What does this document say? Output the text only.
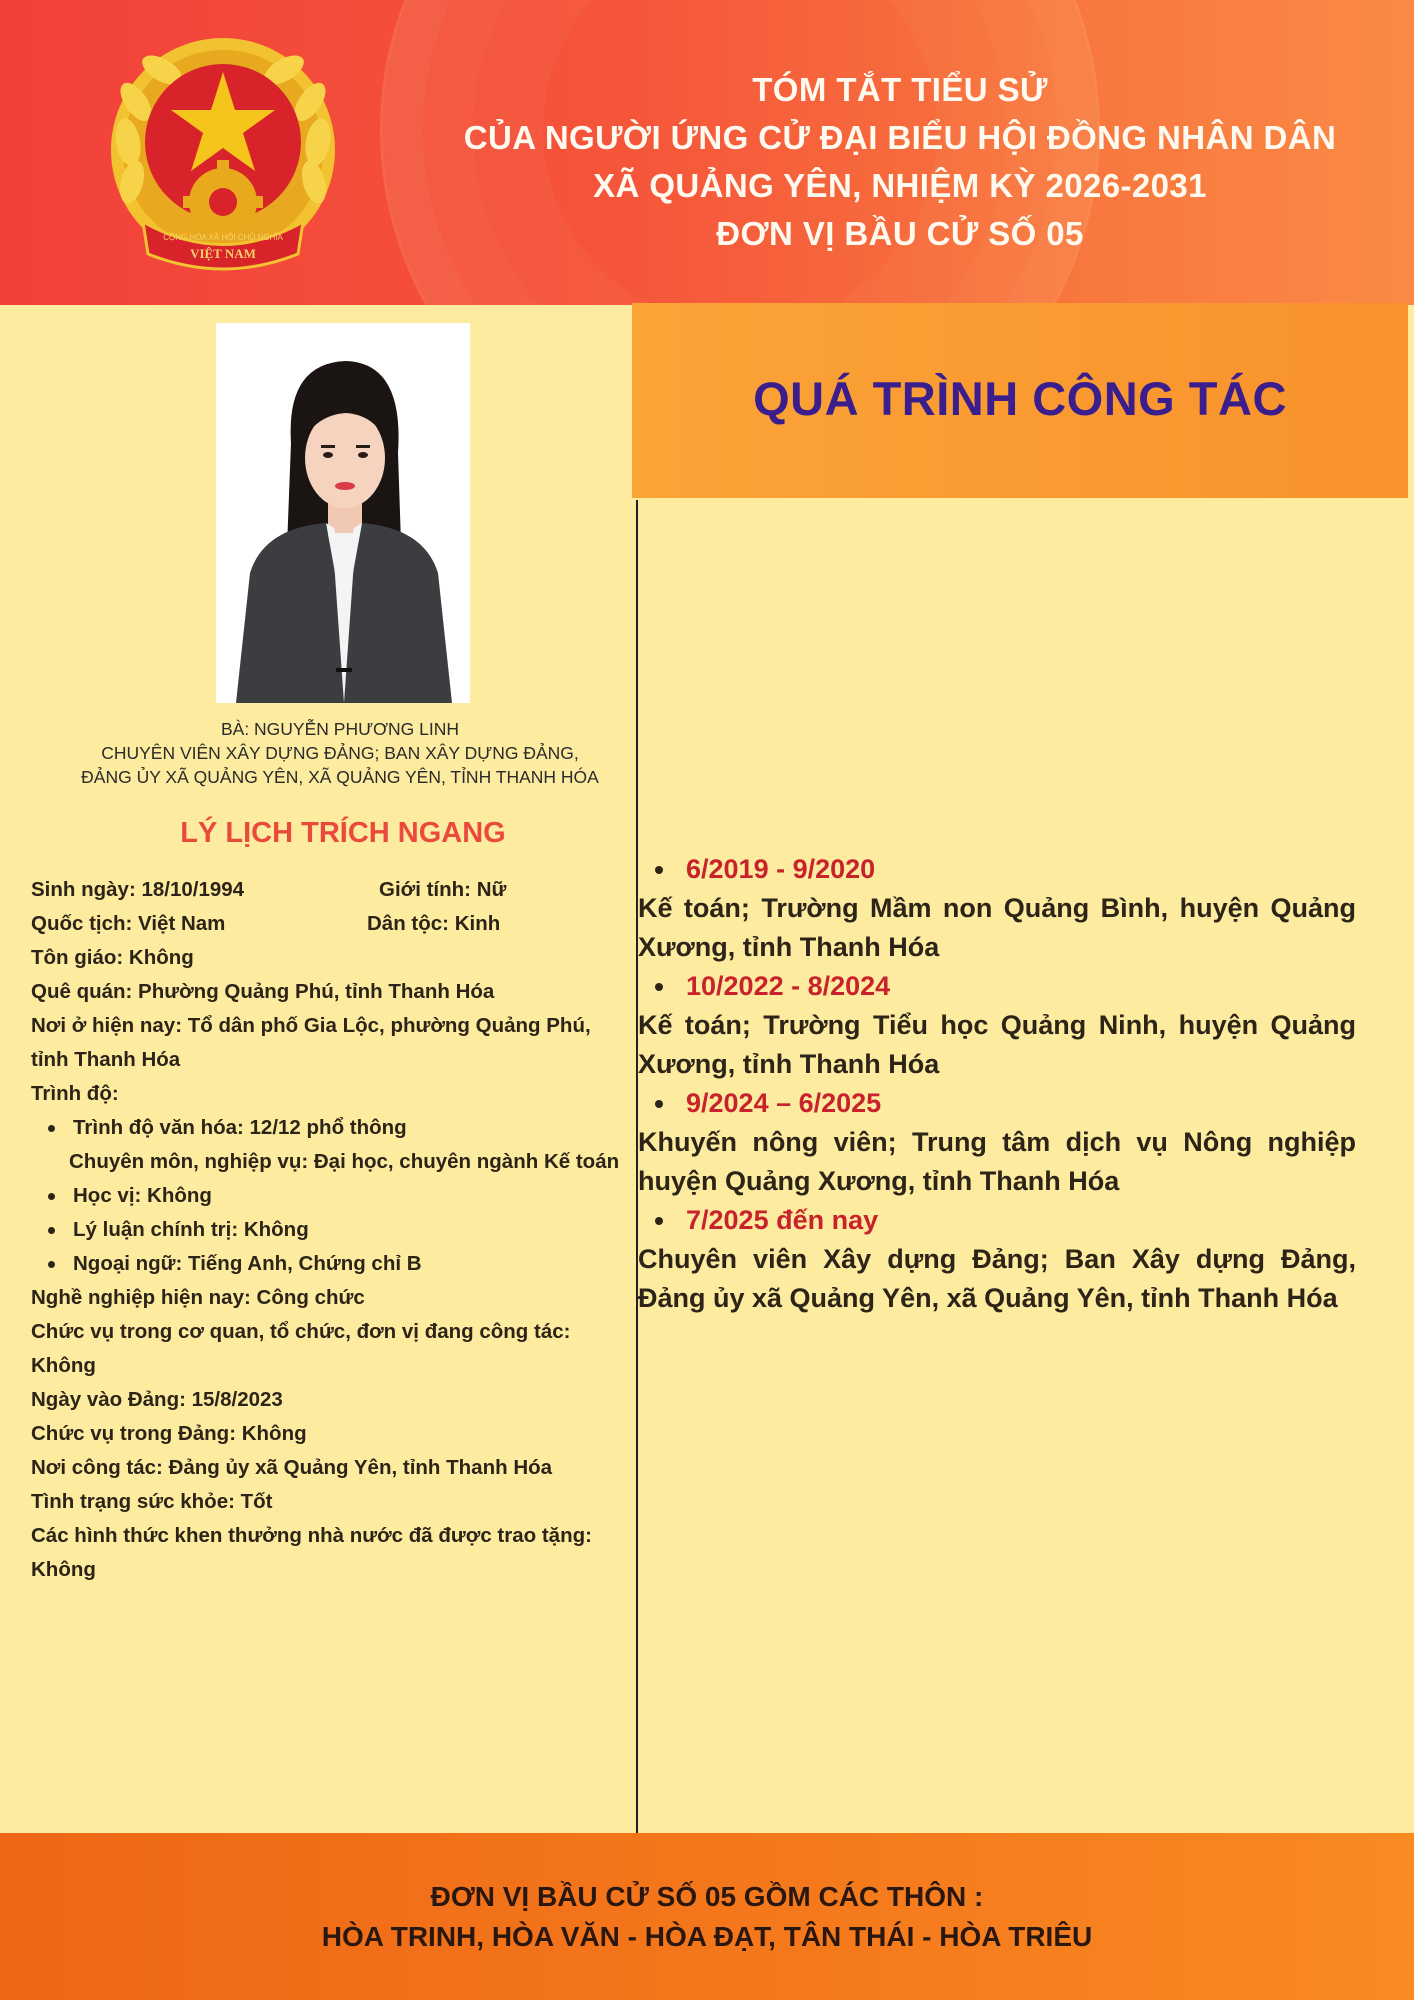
CỘNG HÒA XÃ HỘI CHỦ NGHĨA
VIỆT NAM
TÓM TẮT TIỂU SỬ
CỦA NGƯỜI ỨNG CỬ ĐẠI BIỂU HỘI ĐỒNG NHÂN DÂN
XÃ QUẢNG YÊN, NHIỆM KỲ 2026-2031
ĐƠN VỊ BẦU CỬ SỐ 05
BÀ: NGUYỄN PHƯƠNG LINH
CHUYÊN VIÊN XÂY DỰNG ĐẢNG; BAN XÂY DỰNG ĐẢNG,
ĐẢNG ỦY XÃ QUẢNG YÊN, XÃ QUẢNG YÊN, TỈNH THANH HÓA
LÝ LỊCH TRÍCH NGANG
Sinh ngày: 18/10/1994	Giới tính: Nữ
Quốc tịch: Việt Nam	Dân tộc: Kinh
Tôn giáo: Không
Quê quán: Phường Quảng Phú, tỉnh Thanh Hóa
Nơi ở hiện nay: Tổ dân phố Gia Lộc, phường Quảng Phú, tỉnh Thanh Hóa
Trình độ:
Trình độ văn hóa: 12/12 phổ thông
Chuyên môn, nghiệp vụ: Đại học, chuyên ngành Kế toán
Học vị: Không
Lý luận chính trị: Không
Ngoại ngữ: Tiếng Anh, Chứng chỉ B
Nghề nghiệp hiện nay: Công chức
Chức vụ trong cơ quan, tổ chức, đơn vị đang công tác: Không
Ngày vào Đảng: 15/8/2023
Chức vụ trong Đảng: Không
Nơi công tác: Đảng ủy xã Quảng Yên, tỉnh Thanh Hóa
Tình trạng sức khỏe: Tốt
Các hình thức khen thưởng nhà nước đã được trao tặng:
Không
QUÁ TRÌNH CÔNG TÁC
6/2019 - 9/2020
Kế toán; Trường Mầm non Quảng Bình, huyện Quảng Xương, tỉnh Thanh Hóa
10/2022 - 8/2024
Kế toán; Trường Tiểu học Quảng Ninh, huyện Quảng Xương, tỉnh Thanh Hóa
9/2024 – 6/2025
Khuyến nông viên; Trung tâm dịch vụ Nông nghiệp huyện Quảng Xương, tỉnh Thanh Hóa
7/2025 đến nay
Chuyên viên Xây dựng Đảng; Ban Xây dựng Đảng, Đảng ủy xã Quảng Yên, xã Quảng Yên, tỉnh Thanh Hóa
ĐƠN VỊ BẦU CỬ SỐ 05 GỒM CÁC THÔN :
HÒA TRINH, HÒA VĂN - HÒA ĐẠT, TÂN THÁI - HÒA TRIÊU
